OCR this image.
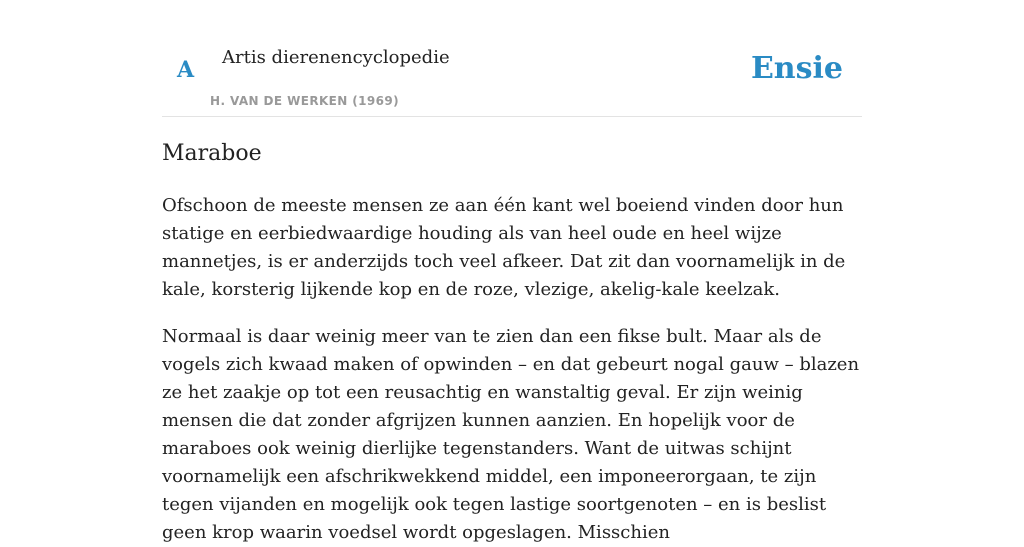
A Artis dierenencyclopedie
H. VAN DE WERKEN (1969)
Ensie
Maraboe

Ofschoon de meeste mensen ze aan één kant wel boeiend vinden door hun statige en eerbiedwaardige houding als van heel oude en heel wijze mannetjes, is er anderzijds toch veel afkeer. Dat zit dan voornamelijk in de kale, korsterig lijkende kop en de roze, vlezige, akelig-kale keelzak.

Normaal is daar weinig meer van te zien dan een fikse bult. Maar als de vogels zich kwaad maken of opwinden – en dat gebeurt nogal gauw – blazen ze het zaakje op tot een reusachtig en wanstaltig geval. Er zijn weinig mensen die dat zonder afgrijzen kunnen aanzien. En hopelijk voor de maraboes ook weinig dierlijke tegenstanders. Want de uitwas schijnt voornamelijk een afschrikwekkend middel, een imponeerorgaan, te zijn tegen vijanden en mogelijk ook tegen lastige soortgenoten – en is beslist geen krop waarin voedsel wordt opgeslagen. Misschien
